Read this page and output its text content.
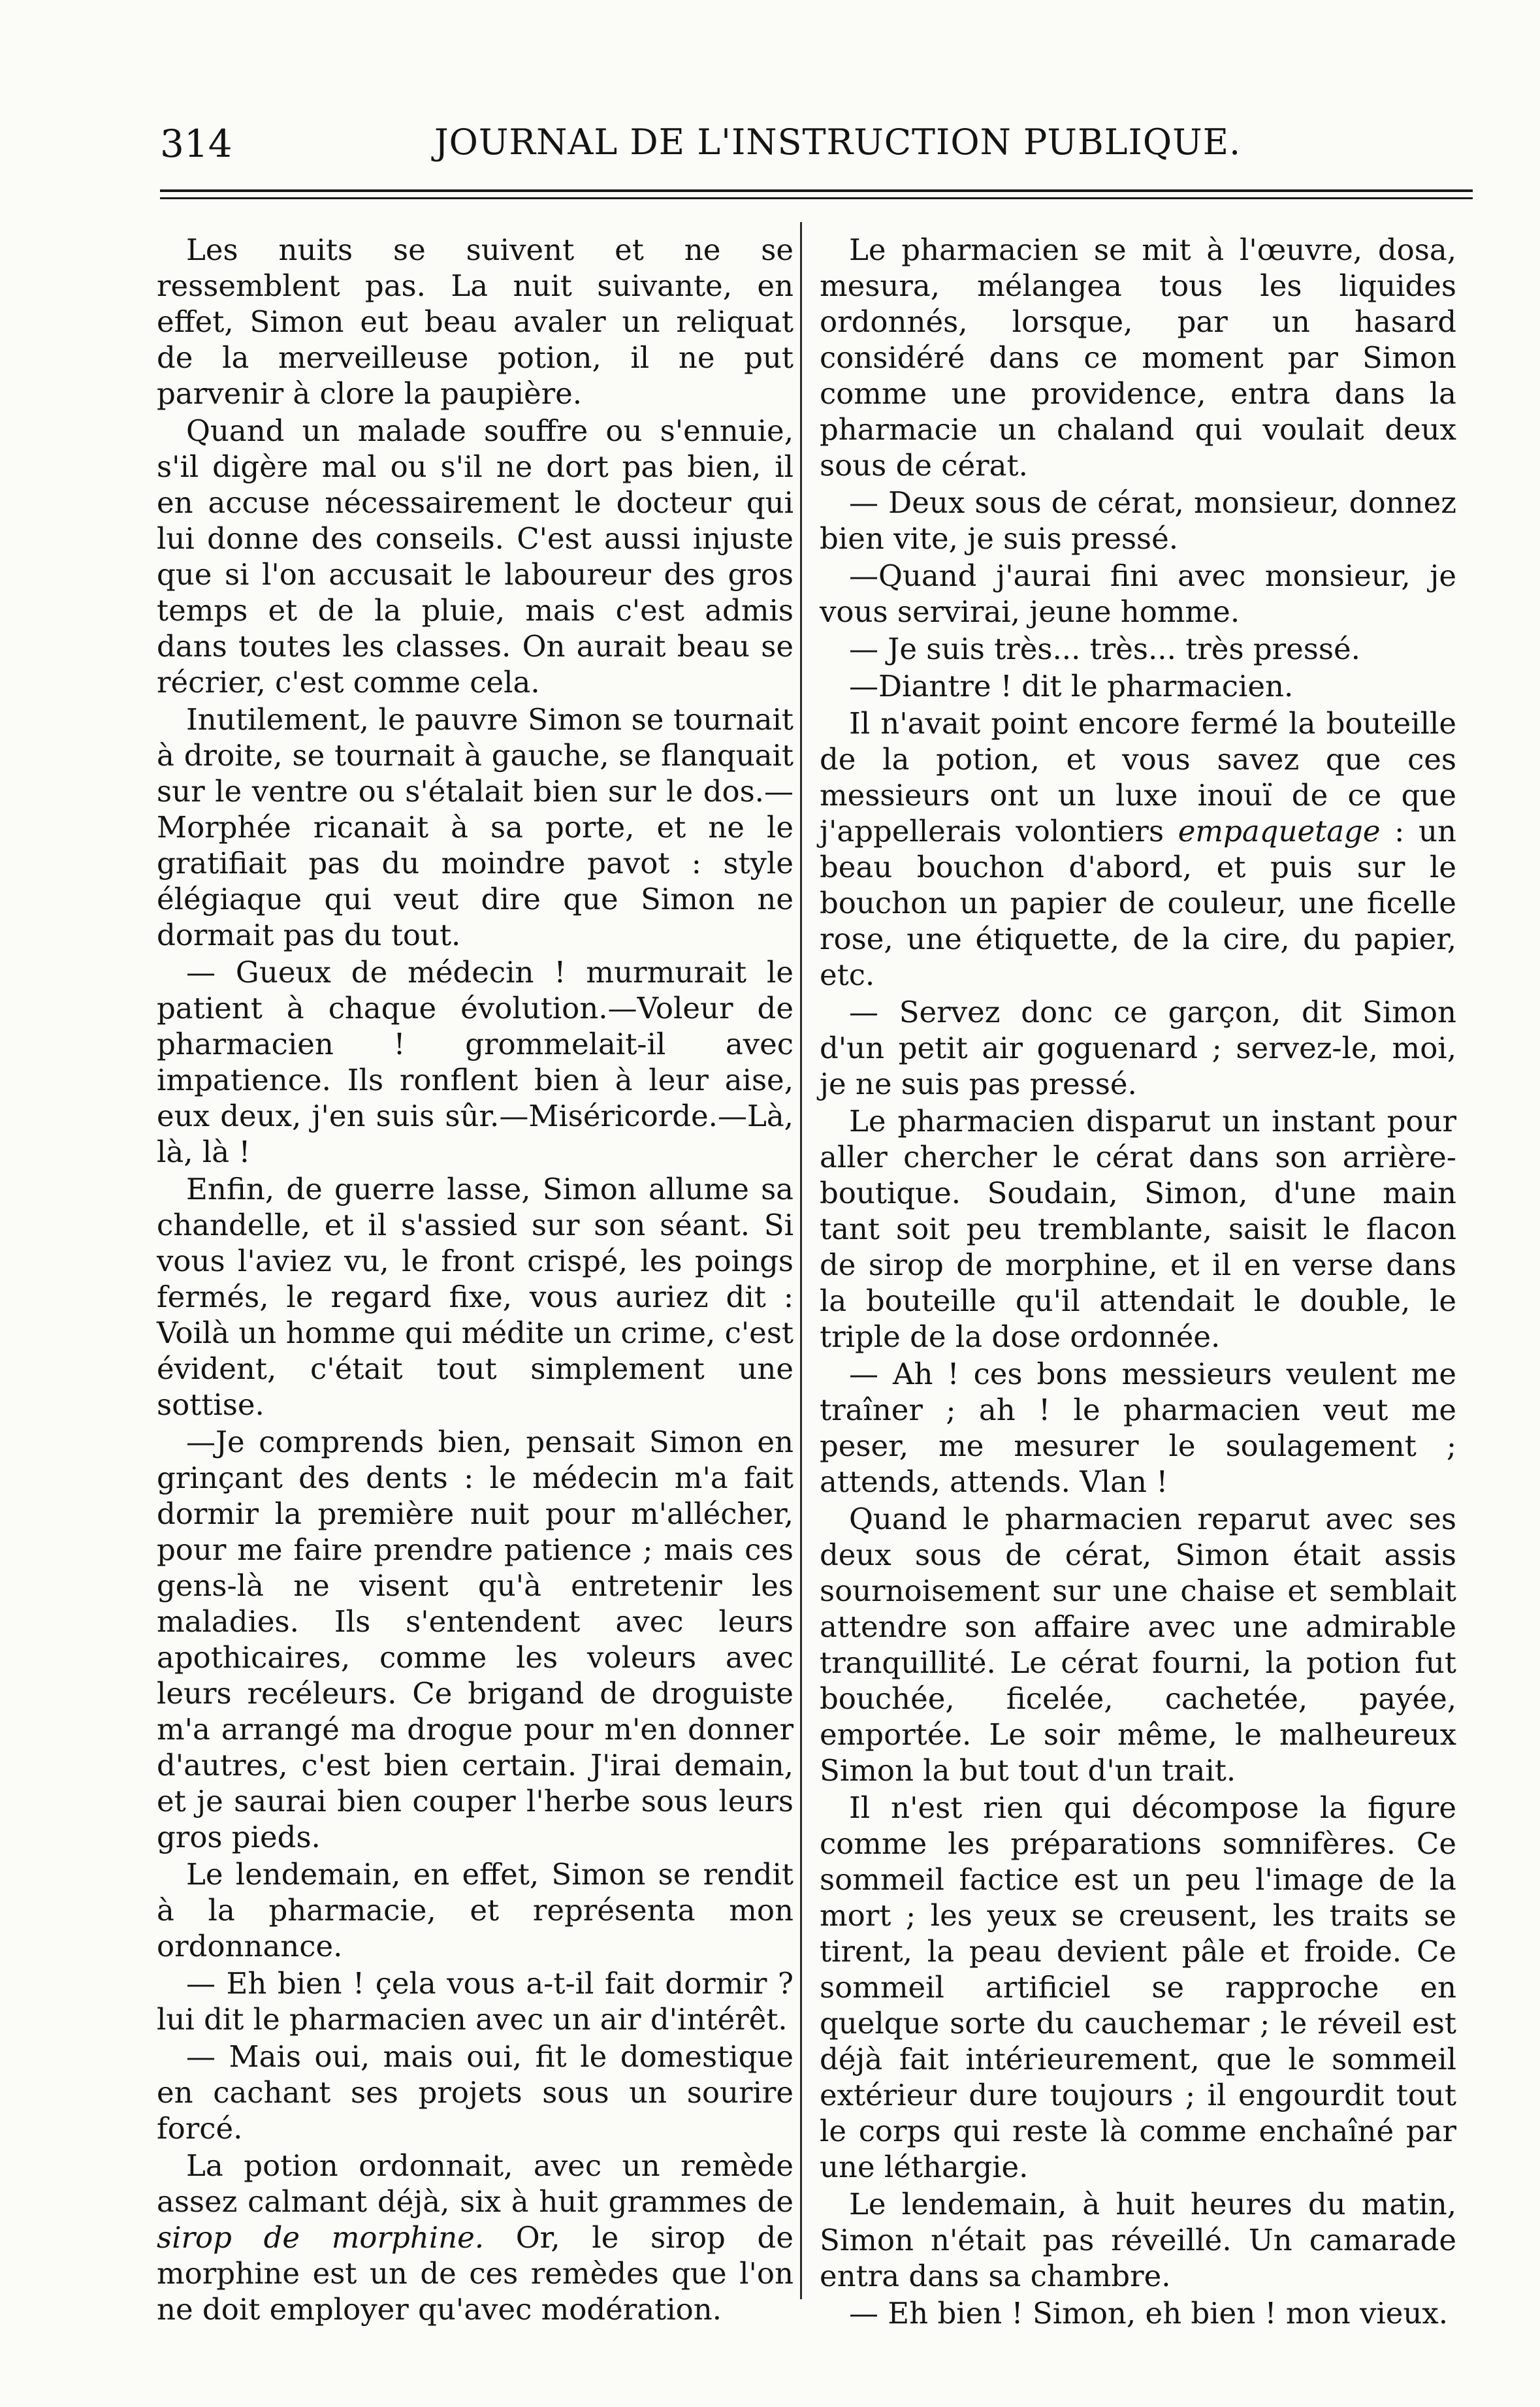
314	JOURNAL DE L'INSTRUCTION PUBLIQUE.

Les nuits se suivent et ne se ressemblent pas. La nuit suivante, en effet, Simon eut beau avaler un reliquat de la merveilleuse potion, il ne put parvenir à clore la paupière.

Quand un malade souffre ou s'ennuie, s'il digère mal ou s'il ne dort pas bien, il en accuse nécessairement le docteur qui lui donne des conseils. C'est aussi injuste que si l'on accusait le laboureur des gros temps et de la pluie, mais c'est admis dans toutes les classes. On aurait beau se récrier, c'est comme cela.

Inutilement, le pauvre Simon se tournait à droite, se tournait à gauche, se flanquait sur le ventre ou s'étalait bien sur le dos.—Morphée ricanait à sa porte, et ne le gratifiait pas du moindre pavot : style élégiaque qui veut dire que Simon ne dormait pas du tout.

— Gueux de médecin ! murmurait le patient à chaque évolution.—Voleur de pharmacien ! grommelait-il avec impatience. Ils ronflent bien à leur aise, eux deux, j'en suis sûr.—Miséricorde.—Là, là, là !

Enfin, de guerre lasse, Simon allume sa chandelle, et il s'assied sur son séant. Si vous l'aviez vu, le front crispé, les poings fermés, le regard fixe, vous auriez dit : Voilà un homme qui médite un crime, c'est évident, c'était tout simplement une sottise.

—Je comprends bien, pensait Simon en grinçant des dents : le médecin m'a fait dormir la première nuit pour m'allécher, pour me faire prendre patience ; mais ces gens-là ne visent qu'à entretenir les maladies. Ils s'entendent avec leurs apothicaires, comme les voleurs avec leurs recéleurs. Ce brigand de droguiste m'a arrangé ma drogue pour m'en donner d'autres, c'est bien certain. J'irai demain, et je saurai bien couper l'herbe sous leurs gros pieds.

Le lendemain, en effet, Simon se rendit à la pharmacie, et représenta mon ordonnance.

— Eh bien ! çela vous a-t-il fait dormir ? lui dit le pharmacien avec un air d'intérêt.

— Mais oui, mais oui, fit le domestique en cachant ses projets sous un sourire forcé.

La potion ordonnait, avec un remède assez calmant déjà, six à huit grammes de sirop de morphine. Or, le sirop de morphine est un de ces remèdes que l'on ne doit employer qu'avec modération.

Le pharmacien se mit à l'œuvre, dosa, mesura, mélangea tous les liquides ordonnés, lorsque, par un hasard considéré dans ce moment par Simon comme une providence, entra dans la pharmacie un chaland qui voulait deux sous de cérat.

— Deux sous de cérat, monsieur, donnez bien vite, je suis pressé.

—Quand j'aurai fini avec monsieur, je vous servirai, jeune homme.

— Je suis très... très... très pressé.

—Diantre ! dit le pharmacien.

Il n'avait point encore fermé la bouteille de la potion, et vous savez que ces messieurs ont un luxe inouï de ce que j'appellerais volontiers empaquetage : un beau bouchon d'abord, et puis sur le bouchon un papier de couleur, une ficelle rose, une étiquette, de la cire, du papier, etc.

— Servez donc ce garçon, dit Simon d'un petit air goguenard ; servez-le, moi, je ne suis pas pressé.

Le pharmacien disparut un instant pour aller chercher le cérat dans son arrière-boutique. Soudain, Simon, d'une main tant soit peu tremblante, saisit le flacon de sirop de morphine, et il en verse dans la bouteille qu'il attendait le double, le triple de la dose ordonnée.

— Ah ! ces bons messieurs veulent me traîner ; ah ! le pharmacien veut me peser, me mesurer le soulagement ; attends, attends. Vlan !

Quand le pharmacien reparut avec ses deux sous de cérat, Simon était assis sournoisement sur une chaise et semblait attendre son affaire avec une admirable tranquillité. Le cérat fourni, la potion fut bouchée, ficelée, cachetée, payée, emportée. Le soir même, le malheureux Simon la but tout d'un trait.

Il n'est rien qui décompose la figure comme les préparations somnifères. Ce sommeil factice est un peu l'image de la mort ; les yeux se creusent, les traits se tirent, la peau devient pâle et froide. Ce sommeil artificiel se rapproche en quelque sorte du cauchemar ; le réveil est déjà fait intérieurement, que le sommeil extérieur dure toujours ; il engourdit tout le corps qui reste là comme enchaîné par une léthargie.

Le lendemain, à huit heures du matin, Simon n'était pas réveillé. Un camarade entra dans sa chambre.

— Eh bien ! Simon, eh bien ! mon vieux.
